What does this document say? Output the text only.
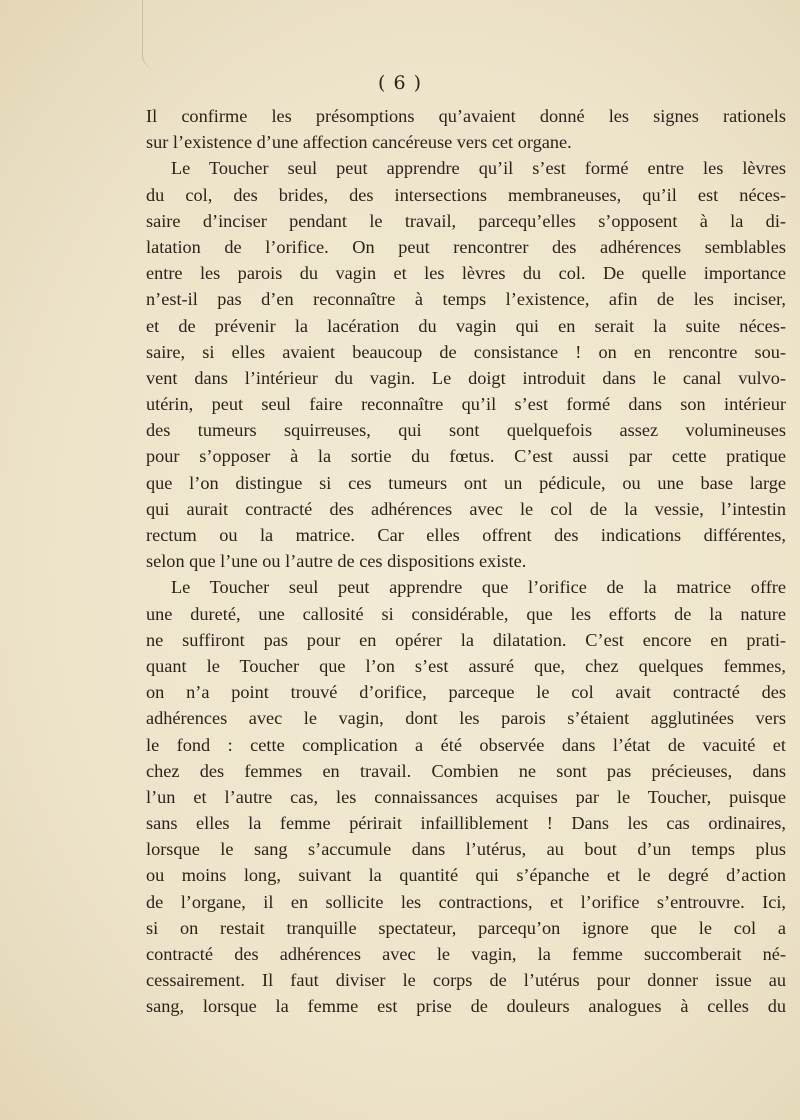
( 6 )
Il confirme les présomptions qu’avaient donné les signes rationels
sur l’existence d’une affection cancéreuse vers cet organe.
Le Toucher seul peut apprendre qu’il s’est formé entre les lèvres
du col, des brides, des intersections membraneuses, qu’il est néces-
saire d’inciser pendant le travail, parcequ’elles s’opposent à la di-
latation de l’orifice. On peut rencontrer des adhérences semblables
entre les parois du vagin et les lèvres du col. De quelle importance
n’est-il pas d’en reconnaître à temps l’existence, afin de les inciser,
et de prévenir la lacération du vagin qui en serait la suite néces-
saire, si elles avaient beaucoup de consistance ! on en rencontre sou-
vent dans l’intérieur du vagin. Le doigt introduit dans le canal vulvo-
utérin, peut seul faire reconnaître qu’il s’est formé dans son intérieur
des tumeurs squirreuses, qui sont quelquefois assez volumineuses
pour s’opposer à la sortie du fœtus. C’est aussi par cette pratique
que l’on distingue si ces tumeurs ont un pédicule, ou une base large
qui aurait contracté des adhérences avec le col de la vessie, l’intestin
rectum ou la matrice. Car elles offrent des indications différentes,
selon que l’une ou l’autre de ces dispositions existe.
Le Toucher seul peut apprendre que l’orifice de la matrice offre
une dureté, une callosité si considérable, que les efforts de la nature
ne suffiront pas pour en opérer la dilatation. C’est encore en prati-
quant le Toucher que l’on s’est assuré que, chez quelques femmes,
on n’a point trouvé d’orifice, parceque le col avait contracté des
adhérences avec le vagin, dont les parois s’étaient agglutinées vers
le fond : cette complication a été observée dans l’état de vacuité et
chez des femmes en travail. Combien ne sont pas précieuses, dans
l’un et l’autre cas, les connaissances acquises par le Toucher, puisque
sans elles la femme périrait infailliblement ! Dans les cas ordinaires,
lorsque le sang s’accumule dans l’utérus, au bout d’un temps plus
ou moins long, suivant la quantité qui s’épanche et le degré d’action
de l’organe, il en sollicite les contractions, et l’orifice s’entrouvre. Ici,
si on restait tranquille spectateur, parcequ’on ignore que le col a
contracté des adhérences avec le vagin, la femme succomberait né-
cessairement. Il faut diviser le corps de l’utérus pour donner issue au
sang, lorsque la femme est prise de douleurs analogues à celles du
